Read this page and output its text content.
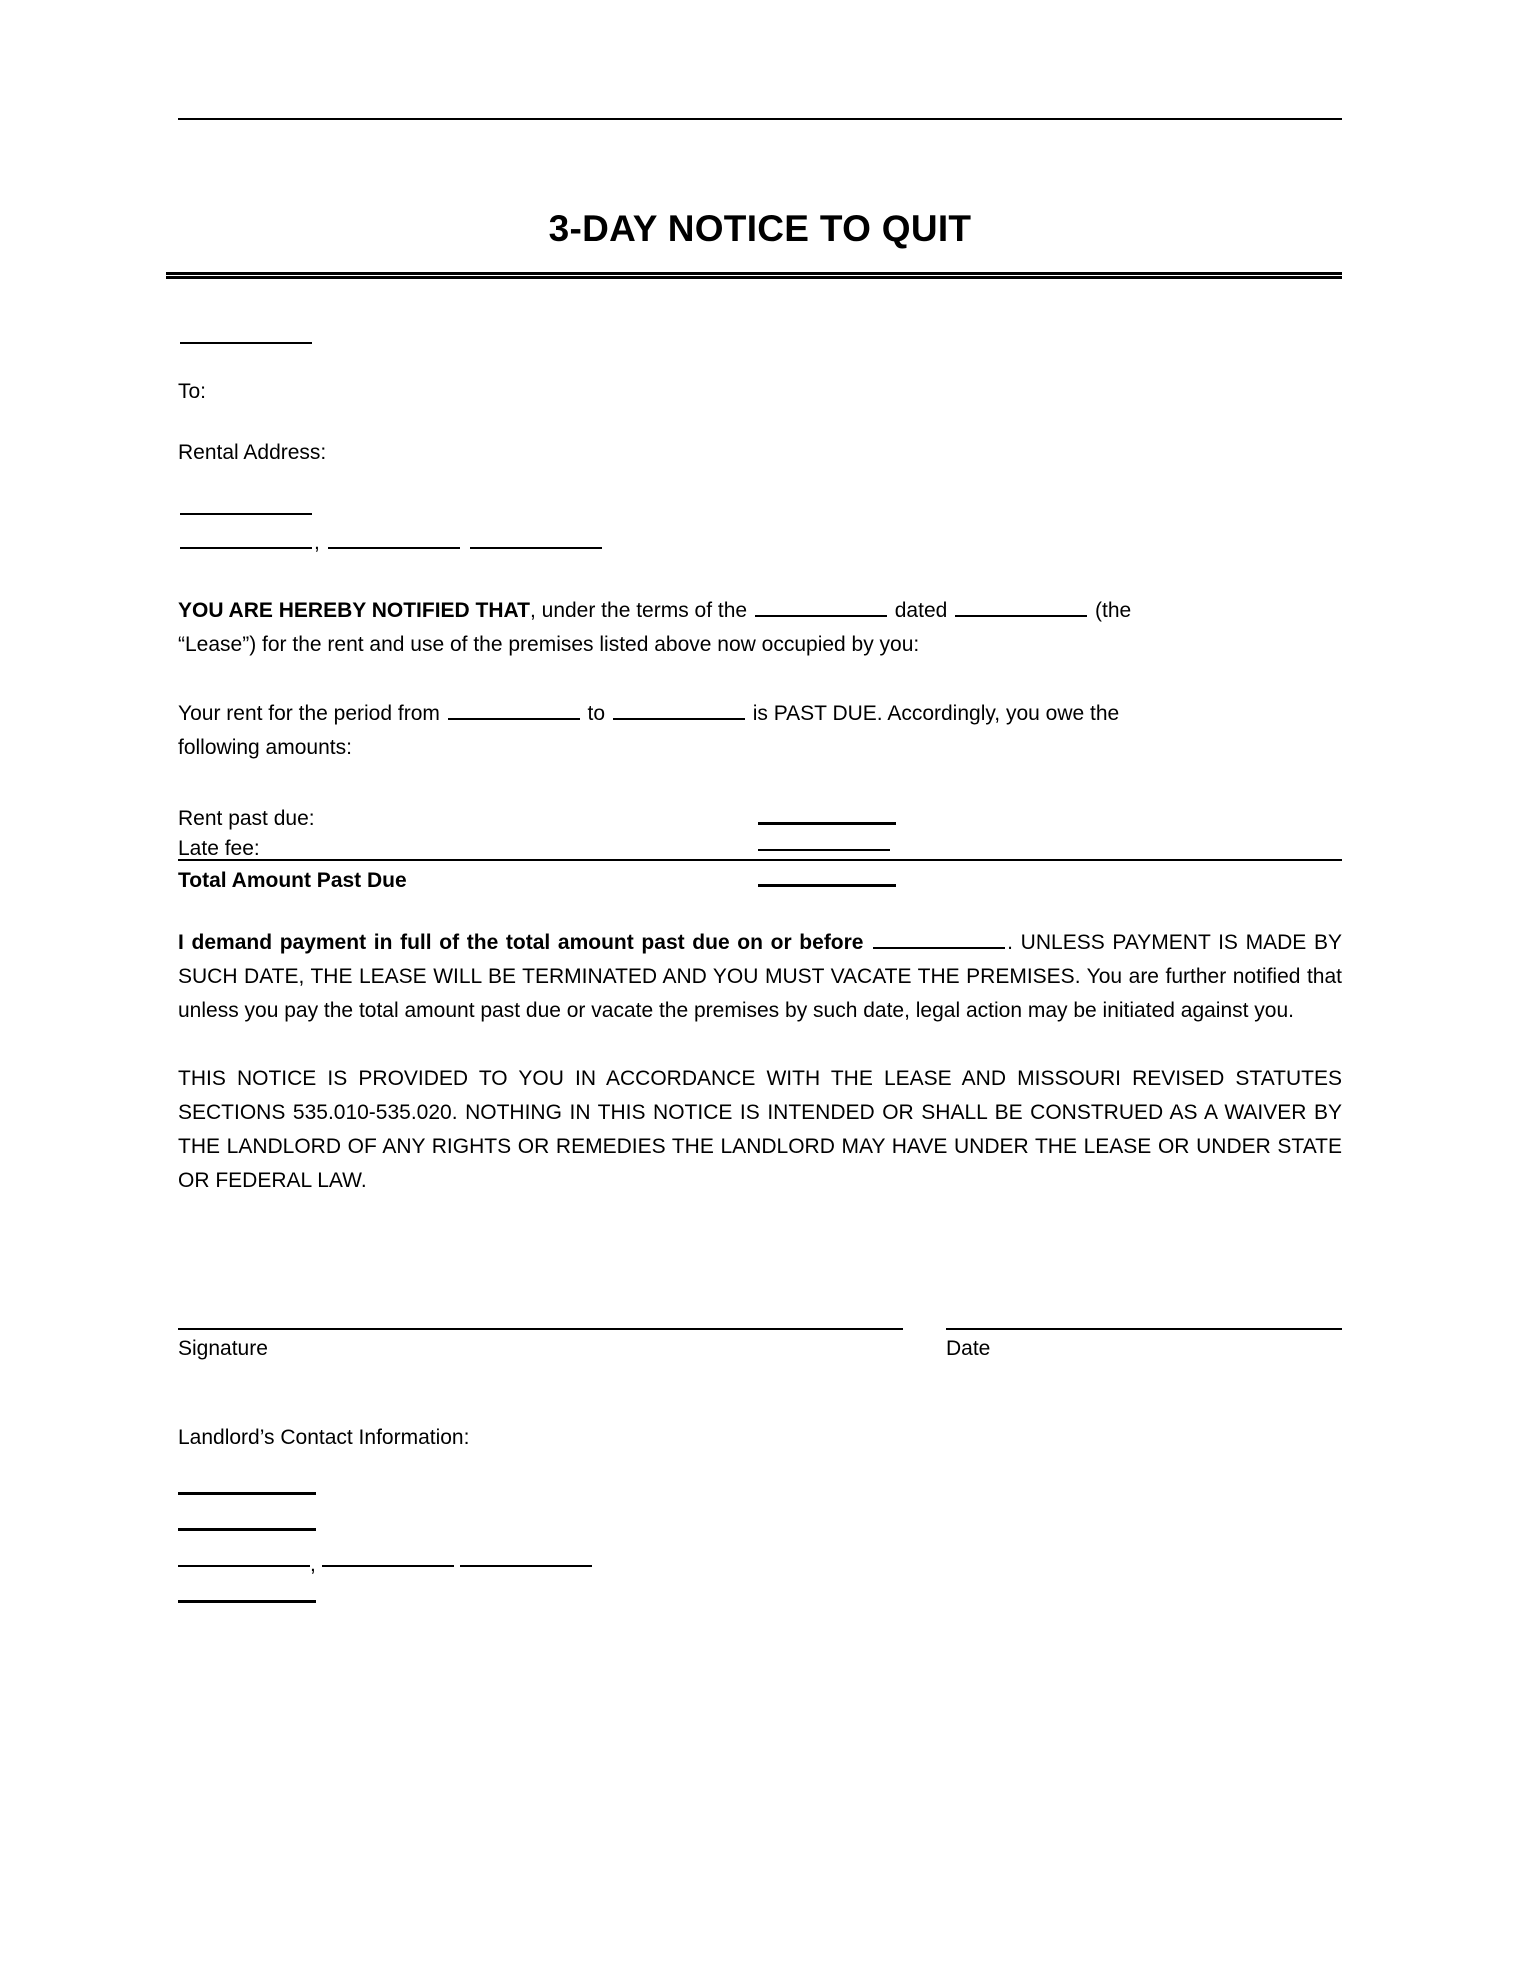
3-DAY NOTICE TO QUIT
To:
Rental Address:
,

YOU ARE HEREBY NOTIFIED THAT, under the terms of the	dated	(the

“Lease”) for the rent and use of the premises listed above now occupied by you:

Your rent for the period from	to	is PAST DUE. Accordingly, you owe the

following amounts:

Rent past due:		
Late fee:		
Total Amount Past Due		

I demand payment in full of the total amount past due on or before	. UNLESS PAYMENT IS MADE BY SUCH DATE, THE LEASE WILL BE TERMINATED AND YOU MUST VACATE THE PREMISES. You are further notified that unless you pay the total amount past due or vacate the premises by such date, legal action may be initiated against you.

THIS NOTICE IS PROVIDED TO YOU IN ACCORDANCE WITH THE LEASE AND MISSOURI REVISED STATUTES SECTIONS 535.010-535.020. NOTHING IN THIS NOTICE IS INTENDED OR SHALL BE CONSTRUED AS A WAIVER BY THE LANDLORD OF ANY RIGHTS OR REMEDIES THE LANDLORD MAY HAVE UNDER THE LEASE OR UNDER STATE OR FEDERAL LAW.

Signature	Date
Landlord’s Contact Information:
,
